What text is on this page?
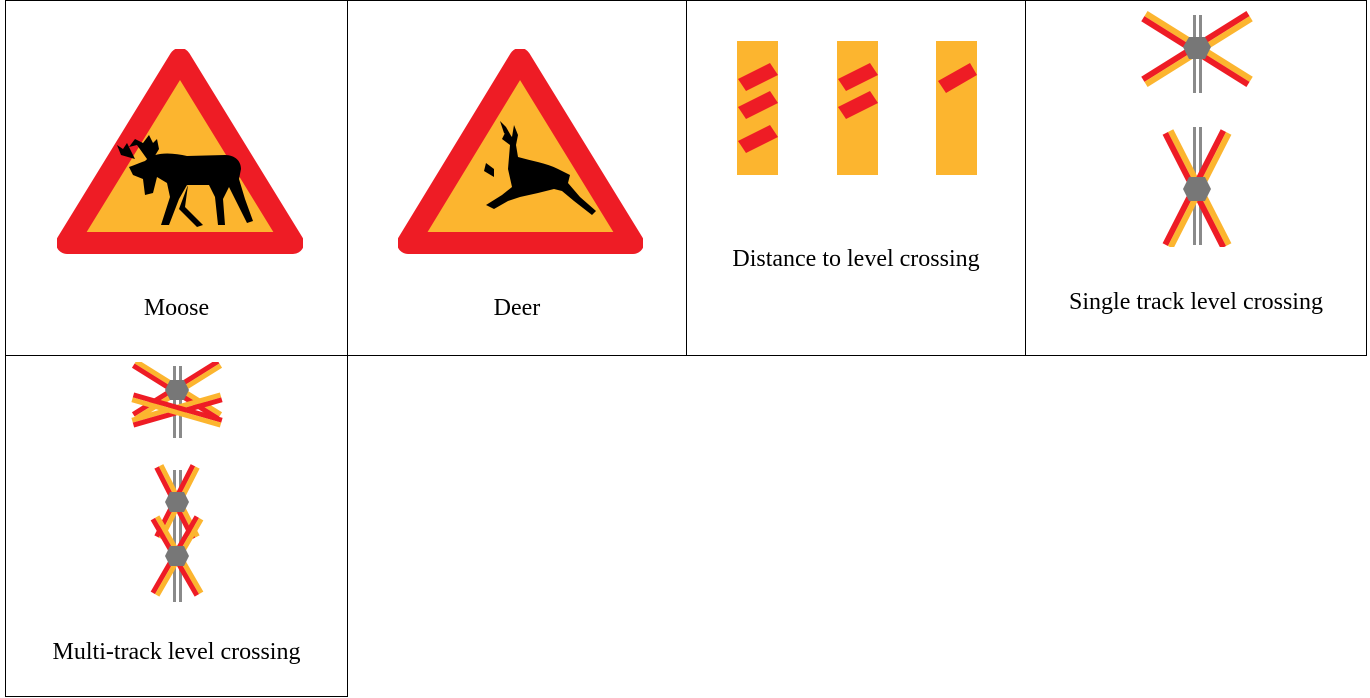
Moose	Deer	Distance to level crossing	Single track level crossing

Multi-track level crossing			
